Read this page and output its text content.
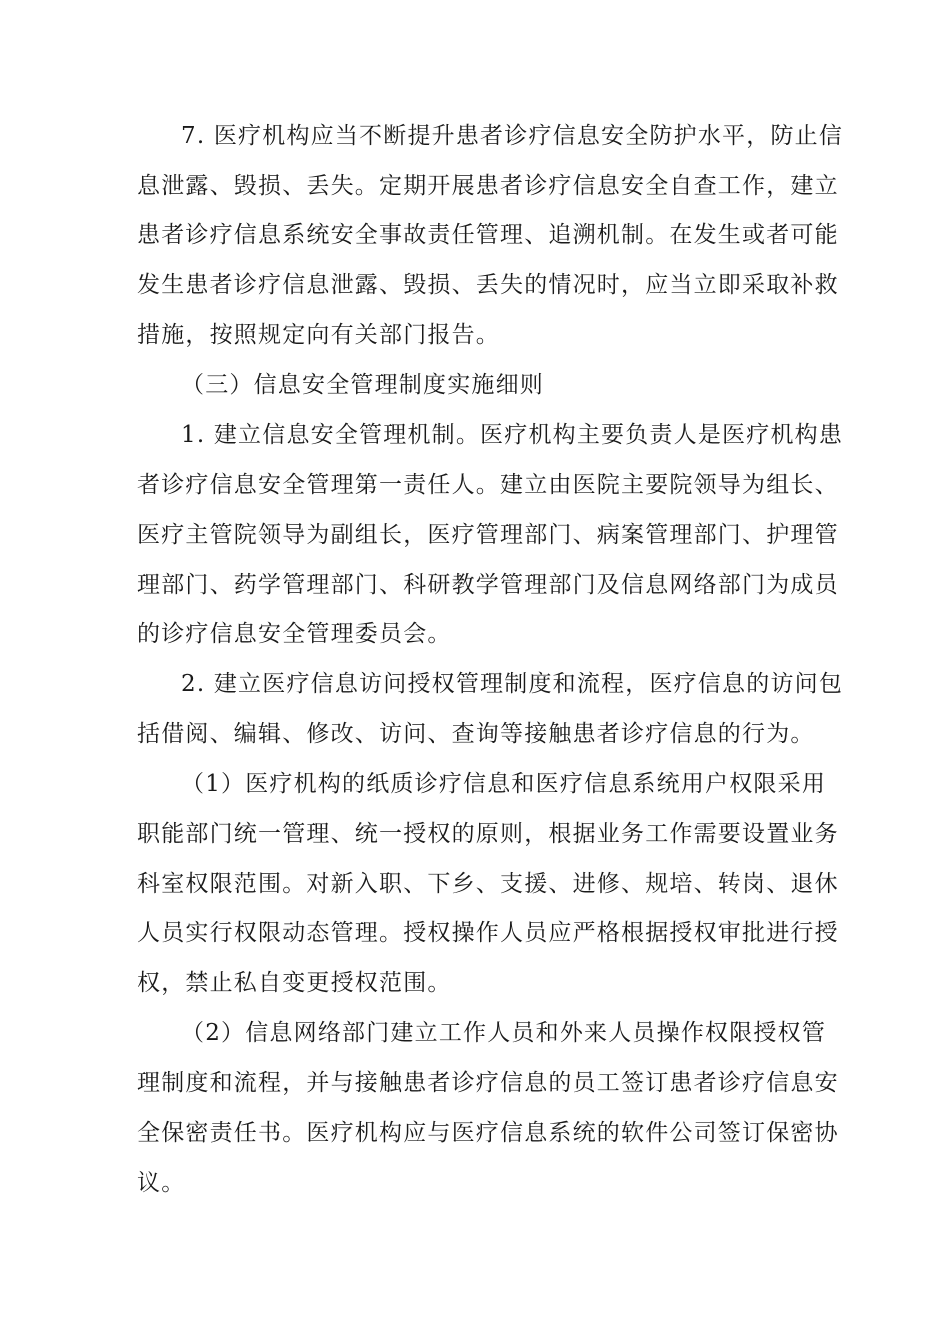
7. 医疗机构应当不断提升患者诊疗信息安全防护水平，防止信
息泄露、毁损、丢失。定期开展患者诊疗信息安全自查工作，建立
患者诊疗信息系统安全事故责任管理、追溯机制。在发生或者可能
发生患者诊疗信息泄露、毁损、丢失的情况时，应当立即采取补救
措施，按照规定向有关部门报告。
（三）信息安全管理制度实施细则
1. 建立信息安全管理机制。医疗机构主要负责人是医疗机构患
者诊疗信息安全管理第一责任人。建立由医院主要院领导为组长、
医疗主管院领导为副组长，医疗管理部门、病案管理部门、护理管
理部门、药学管理部门、科研教学管理部门及信息网络部门为成员
的诊疗信息安全管理委员会。
2. 建立医疗信息访问授权管理制度和流程，医疗信息的访问包
括借阅、编辑、修改、访问、查询等接触患者诊疗信息的行为。
（1）医疗机构的纸质诊疗信息和医疗信息系统用户权限采用
职能部门统一管理、统一授权的原则，根据业务工作需要设置业务
科室权限范围。对新入职、下乡、支援、进修、规培、转岗、退休
人员实行权限动态管理。授权操作人员应严格根据授权审批进行授
权，禁止私自变更授权范围。
（2）信息网络部门建立工作人员和外来人员操作权限授权管
理制度和流程，并与接触患者诊疗信息的员工签订患者诊疗信息安
全保密责任书。医疗机构应与医疗信息系统的软件公司签订保密协
议。
